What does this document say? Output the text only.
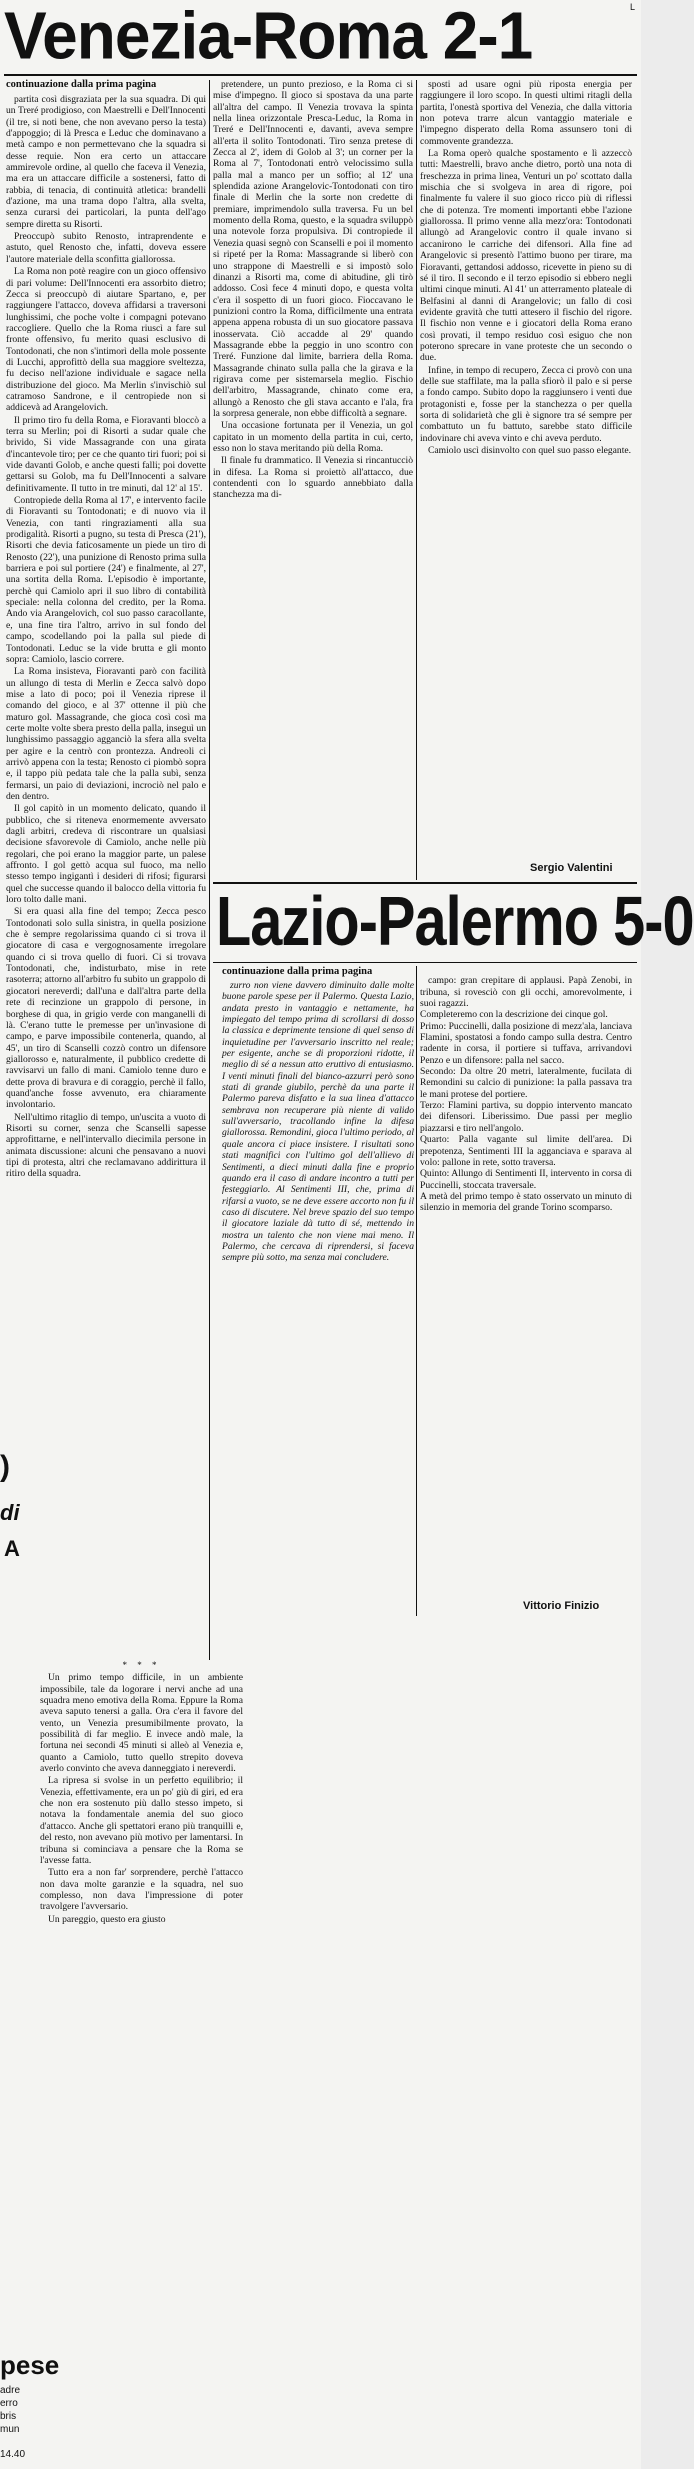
Venezia-Roma 2-1	L
continuazione dalla prima pagina

partita così disgraziata per la sua squadra. Di qui un Treré prodigioso, con Maestrelli e Dell'Innocenti (il tre, si noti bene, che non avevano perso la testa) d'appoggio; di là Presca e Leduc che dominavano a metà campo e non permettevano che la squadra si desse requie. Non era certo un attaccare ammirevole ordine, al quello che faceva il Venezia, ma era un attaccare difficile a sostenersi, fatto di rabbia, di tenacia, di continuità atletica: brandelli d'azione, ma una trama dopo l'altra, alla svelta, senza curarsi dei particolari, la punta dell'ago sempre diretta su Risorti.

Preoccupò subito Renosto, intraprendente e astuto, quel Renosto che, infatti, doveva essere l'autore materiale della sconfitta giallorossa.

La Roma non potè reagire con un gioco offensivo di pari volume: Dell'Innocenti era assorbito dietro; Zecca si preoccupò di aiutare Spartano, e, per raggiungere l'attacco, doveva affidarsi a traversoni lunghissimi, che poche volte i compagni potevano raccogliere. Quello che la Roma riuscì a fare sul fronte offensivo, fu merito quasi esclusivo di Tontodonati, che non s'intimorì della mole possente di Lucchi, approfittò della sua maggiore sveltezza, fu deciso nell'azione individuale e sagace nella distribuzione del gioco. Ma Merlin s'invischiò sul catramoso Sandrone, e il centropiede non si addicevà ad Arangelovich.

Il primo tiro fu della Roma, e Fioravanti bloccò a terra su Merlin; poi di Risorti a sudar quale che brivido, Si vide Massagrande con una girata d'incantevole tiro; per ce che quanto tiri fuori; poi si vide davanti Golob, e anche questi falli; poi dovette gettarsi su Golob, ma fu Dell'Innocenti a salvare definitivamente. Il tutto in tre minuti, dal 12' al 15'.

Contropiede della Roma al 17', e intervento facile di Fioravanti su Tontodonati; e di nuovo via il Venezia, con tanti ringraziamenti alla sua prodigalità. Risorti a pugno, su testa di Presca (21'), Risorti che devia faticosamente un piede un tiro di Renosto (22'), una punizione di Renosto prima sulla barriera e poi sul portiere (24') e finalmente, al 27', una sortita della Roma. L'episodio è importante, perchè qui Camiolo apri il suo libro di contabilità speciale: nella colonna del credito, per la Roma. Ando via Arangelovich, col suo passo caracollante, e, una fine tira l'altro, arrivo in sul fondo del campo, scodellando poi la palla sul piede di Tontodonati. Leduc se la vide brutta e gli monto sopra: Camiolo, lascio correre.

La Roma insisteva, Fioravanti parò con facilità un allungo di testa di Merlin e Zecca salvò dopo mise a lato di poco; poi il Venezia riprese il comando del gioco, e al 37' ottenne il più che maturo gol. Massagrande, che gioca così così ma certe molte volte sbera presto della palla, inseguì un lunghissimo passaggio agganciò la sfera alla svelta per agire e la centrò con prontezza. Andreoli ci arrivò appena con la testa; Renosto ci piombò sopra e, il tappo più pedata tale che la palla subì, senza fermarsi, un paio di deviazioni, incrociò nel palo e den dentro.

Il gol capitò in un momento delicato, quando il pubblico, che si riteneva enormemente avversato dagli arbitri, credeva di riscontrare un qualsiasi decisione sfavorevole di Camiolo, anche nelle più regolari, che poi erano la maggior parte, un palese affronto. I gol gettò acqua sul fuoco, ma nello stesso tempo ingigantì i desideri di rifosi; figurarsi quel che successe quando il balocco della vittoria fu loro tolto dalle mani.

Si era quasi alla fine del tempo; Zecca pesco Tontodonati solo sulla sinistra, in quella posizione che è sempre regolarissima quando ci si trova il giocatore di casa e vergognosamente irregolare quando ci si trova quello di fuori. Ci si trovava Tontodonati, che, indisturbato, mise in rete rasoterra; attorno all'arbitro fu subito un grappolo di giocatori nereverdi; dall'una e dall'altra parte della rete di recinzione un grappolo di persone, in borghese di qua, in grigio verde con manganelli di là. C'erano tutte le premesse per un'invasione di campo, e parve impossibile contenerla, quando, al 45', un tiro di Scanselli cozzò contro un difensore giallorosso e, naturalmente, il pubblico credette di ravvisarvi un fallo di mani. Camiolo tenne duro e dette prova di bravura e di coraggio, perchè il fallo, quand'anche fosse avvenuto, era chiaramente involontario.

Nell'ultimo ritaglio di tempo, un'uscita a vuoto di Risorti su corner, senza che Scanselli sapesse approfittarne, e nell'intervallo diecimila persone in animata discussione: alcuni che pensavano a nuovi tipi di protesta, altri che reclamavano addirittura il ritiro della squadra.

)
di
A

* * *

Un primo tempo difficile, in un ambiente impossibile, tale da logorare i nervi anche ad una squadra meno emotiva della Roma. Eppure la Roma aveva saputo tenersi a galla. Ora c'era il favore del vento, un Venezia presumibilmente provato, la possibilità di far meglio. E invece andò male, la fortuna nei secondi 45 minuti si alleò al Venezia e, quanto a Camiolo, tutto quello strepito doveva averlo convinto che aveva danneggiato i nereverdi.

La ripresa si svolse in un perfetto equilibrio; il Venezia, effettivamente, era un po' giù di giri, ed era che non era sostenuto più dallo stesso impeto, si notava la fondamentale anemia del suo gioco d'attacco. Anche gli spettatori erano più tranquilli e, del resto, non avevano più motivo per lamentarsi. In tribuna si cominciava a pensare che la Roma se l'avesse fatta.

Tutto era a non far' sorprendere, perchè l'attacco non dava molte garanzie e la squadra, nel suo complesso, non dava l'impressione di poter travolgere l'avversario.

Un pareggio, questo era giusto

pese
adre
erro
bris
mun
14.40

pretendere, un punto prezioso, e la Roma ci si mise d'impegno. Il gioco si spostava da una parte all'altra del campo. Il Venezia trovava la spinta nella linea orizzontale Presca-Leduc, la Roma in Treré e Dell'Innocenti e, davanti, aveva sempre all'erta il solito Tontodonati. Tiro senza pretese di Zecca al 2', idem di Golob al 3'; un corner per la Roma al 7', Tontodonati entrò velocissimo sulla palla mal a manco per un soffio; al 12' una splendida azione Arangelovic-Tontodonati con tiro finale di Merlin che la sorte non credette di premiare, imprimendolo sulla traversa. Fu un bel momento della Roma, questo, e la squadra sviluppò una notevole forza propulsiva. Di contropiede il Venezia quasi segnò con Scanselli e poi il momento si ripeté per la Roma: Massagrande si liberò con uno strappone di Maestrelli e si impostò solo dinanzi a Risorti ma, come di abitudine, gli tirò addosso. Così fece 4 minuti dopo, e questa volta c'era il sospetto di un fuori gioco. Fioccavano le punizioni contro la Roma, difficilmente una entrata appena appena robusta di un suo giocatore passava inosservata. Ciò accadde al 29' quando Massagrande ebbe la peggio in uno scontro con Treré. Funzione dal limite, barriera della Roma. Massagrande chinato sulla palla che la girava e la rigirava come per sistemarsela meglio. Fischio dell'arbitro, Massagrande, chinato come era, allungò a Renosto che gli stava accanto e l'ala, fra la sorpresa generale, non ebbe difficoltà a segnare.

Una occasione fortunata per il Venezia, un gol capitato in un momento della partita in cui, certo, esso non lo stava meritando più della Roma.

Il finale fu drammatico. Il Venezia si rincantucciò in difesa. La Roma si proiettò all'attacco, due contendenti con lo sguardo annebbiato dalla stanchezza ma di-

sposti ad usare ogni più riposta energia per raggiungere il loro scopo. In questi ultimi ritagli della partita, l'onestà sportiva del Venezia, che dalla vittoria non poteva trarre alcun vantaggio materiale e l'impegno disperato della Roma assunsero toni di commovente grandezza.

La Roma operò qualche spostamento e lì azzeccò tutti: Maestrelli, bravo anche dietro, portò una nota di freschezza in prima linea, Venturi un po' scottato dalla mischia che si svolgeva in area di rigore, poi finalmente fu valere il suo gioco ricco più di riflessi che di potenza. Tre momenti importanti ebbe l'azione giallorossa. Il primo venne alla mezz'ora: Tontodonati allungò ad Arangelovic contro il quale invano si accanirono le carriche dei difensori. Alla fine ad Arangelovic si presentò l'attimo buono per tirare, ma Fioravanti, gettandosi addosso, ricevette in pieno su di sé il tiro. Il secondo e il terzo episodio si ebbero negli ultimi cinque minuti. Al 41' un atterramento plateale di Belfasini al danni di Arangelovic; un fallo di così evidente gravità che tutti attesero il fischio del rigore. Il fischio non venne e i giocatori della Roma erano così provati, il tempo residuo così esiguo che non poterono sprecare in vane proteste che un secondo o due.

Infine, in tempo di recupero, Zecca ci provò con una delle sue staffilate, ma la palla sfiorò il palo e si perse a fondo campo. Subito dopo la raggiunsero i venti due protagonisti e, fosse per la stanchezza o per quella sorta di solidarietà che gli è signore tra sé sempre per combattuto un fu battuto, sarebbe stato difficile indovinare chi aveva vinto e chi aveva perduto.

Camiolo uscì disinvolto con quel suo passo elegante.

Sergio Valentini
Lazio-Palermo 5-0
continuazione dalla prima pagina

zurro non viene davvero diminuito dalle molte buone parole spese per il Palermo. Questa Lazio, andata presto in vantaggio e nettamente, ha impiegato del tempo prima di scrollarsi di dosso la classica e deprimente tensione di quel senso di inquietudine per l'avversario inscritto nel reale; per esigente, anche se di proporzioni ridotte, il meglio di sé a nessun atto eruttivo di entusiasmo. I venti minuti finali del bianco-azzurri però sono stati di grande giubilo, perchè da una parte il Palermo pareva disfatto e la sua linea d'attacco sembrava non recuperare più niente di valido sull'avversario, tracollando infine la difesa giallorossa. Remondini, gioca l'ultimo periodo, al quale ancora ci piace insistere. I risultati sono stati magnifici con l'ultimo gol dell'allievo di Sentimenti, a dieci minuti dalla fine e proprio quando era il caso di andare incontro a tutti per festeggiarlo. Al Sentimenti III, che, prima di rifarsi a vuoto, se ne deve essere accorto non fu il caso di discutere. Nel breve spazio del suo tempo il giocatore laziale dà tutto di sé, mettendo in mostra un talento che non viene mai meno. Il Palermo, che cercava di riprendersi, si faceva sempre più sotto, ma senza mai concludere.

campo: gran crepitare di applausi. Papà Zenobi, in tribuna, si rovesciò con gli occhi, amorevolmente, i suoi ragazzi.
Completeremo con la descrizione dei cinque gol.
Primo: Puccinelli, dalla posizione di mezz'ala, lanciava Flamini, spostatosi a fondo campo sulla destra. Centro radente in corsa, il portiere si tuffava, arrivandovi Penzo e un difensore: palla nel sacco.
Secondo: Da oltre 20 metri, lateralmente, fucilata di Remondini su calcio di punizione: la palla passava tra le mani protese del portiere.
Terzo: Flamini partiva, su doppio intervento mancato dei difensori. Liberissimo. Due passi per meglio piazzarsi e tiro nell'angolo.
Quarto: Palla vagante sul limite dell'area. Di prepotenza, Sentimenti III la agganciava e sparava al volo: pallone in rete, sotto traversa.
Quinto: Allungo di Sentimenti II, intervento in corsa di Puccinelli, stoccata traversale.
A metà del primo tempo è stato osservato un minuto di silenzio in memoria del grande Torino scomparso.

Vittorio Finizio
